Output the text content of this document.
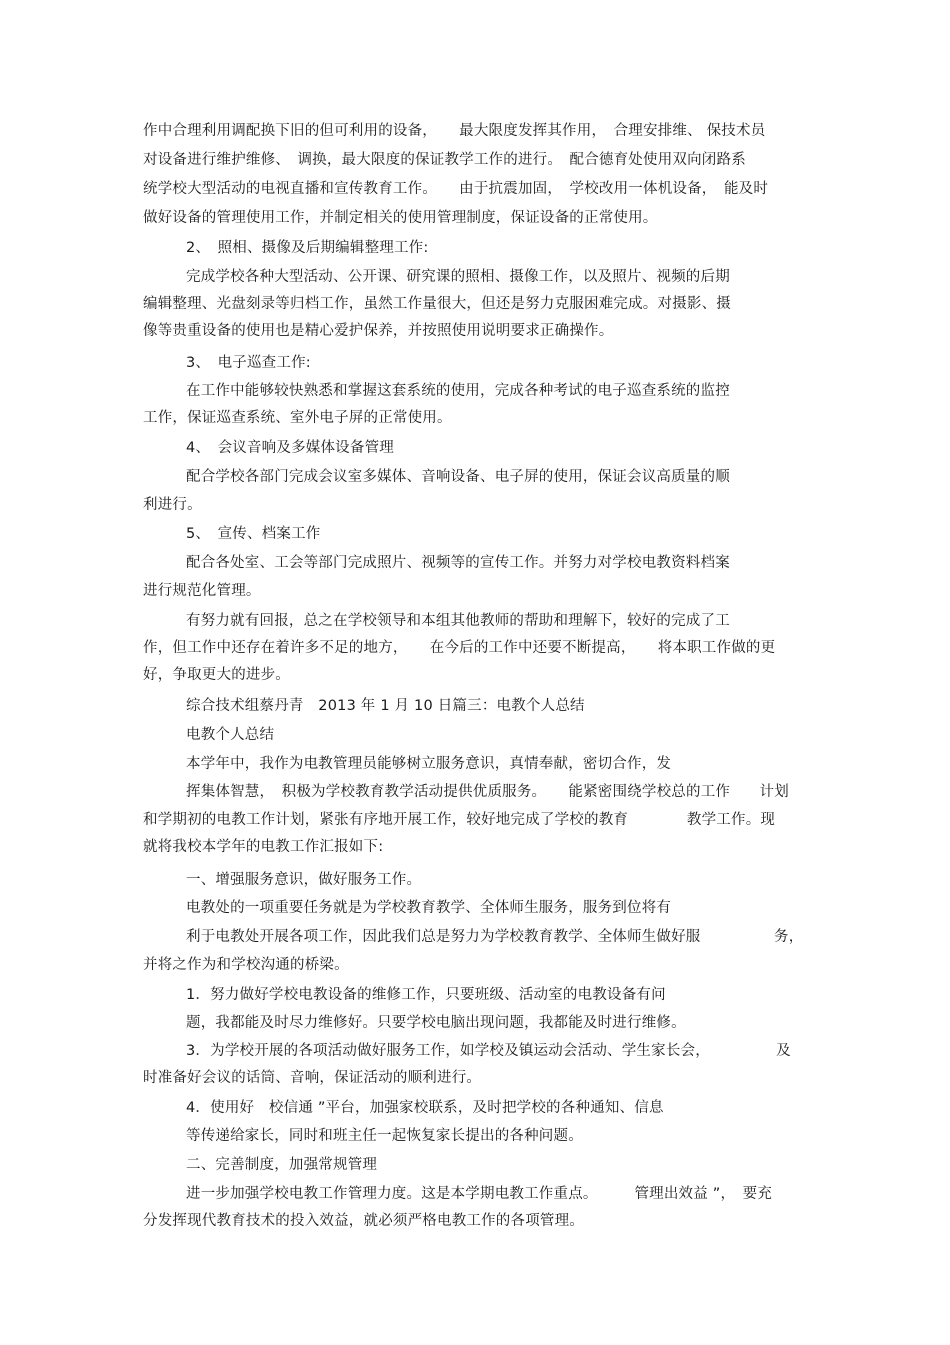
作中合理利用调配换下旧的但可利用的设备，　　最大限度发挥其作用，　合理安排维、 保技术员
对设备进行维护维修、　调换，最大限度的保证教学工作的进行。　配合德育处使用双向闭路系
统学校大型活动的电视直播和宣传教育工作。　　由于抗震加固，　学校改用一体机设备，　能及时
做好设备的管理使用工作，并制定相关的使用管理制度，保证设备的正常使用。
2、　照相、摄像及后期编辑整理工作:
完成学校各种大型活动、公开课、研究课的照相、摄像工作，以及照片、视频的后期
编辑整理、光盘刻录等归档工作，虽然工作量很大，但还是努力克服困难完成。对摄影、摄
像等贵重设备的使用也是精心爱护保养，并按照使用说明要求正确操作。
3、　电子巡查工作:
在工作中能够较快熟悉和掌握这套系统的使用，完成各种考试的电子巡查系统的监控
工作，保证巡查系统、室外电子屏的正常使用。
4、　会议音响及多媒体设备管理
配合学校各部门完成会议室多媒体、音响设备、电子屏的使用，保证会议高质量的顺
利进行。
5、　宣传、档案工作
配合各处室、工会等部门完成照片、视频等的宣传工作。并努力对学校电教资料档案
进行规范化管理。
有努力就有回报，总之在学校领导和本组其他教师的帮助和理解下，较好的完成了工
作，但工作中还存在着许多不足的地方，　　在今后的工作中还要不断提高，　　将本职工作做的更
好，争取更大的进步。
综合技术组蔡丹青　2013 年 1 月 10 日篇三：电教个人总结
电教个人总结
本学年中，我作为电教管理员能够树立服务意识，真情奉献，密切合作，发
挥集体智慧，　积极为学校教育教学活动提供优质服务。　　能紧密围绕学校总的工作　　计划
和学期初的电教工作计划，紧张有序地开展工作，较好地完成了学校的教育　　　　教学工作。现
就将我校本学年的电教工作汇报如下:
一、增强服务意识，做好服务工作。
电教处的一项重要任务就是为学校教育教学、全体师生服务，服务到位将有
利于电教处开展各项工作，因此我们总是努力为学校教育教学、全体师生做好服　　　　　务，
并将之作为和学校沟通的桥梁。
1．努力做好学校电教设备的维修工作，只要班级、活动室的电教设备有问
题，我都能及时尽力维修好。只要学校电脑出现问题，我都能及时进行维修。
3．为学校开展的各项活动做好服务工作，如学校及镇运动会活动、学生家长会，　　　　　及
时准备好会议的话筒、音响，保证活动的顺利进行。
4．使用好　校信通 ”平台，加强家校联系，及时把学校的各种通知、信息
等传递给家长，同时和班主任一起恢复家长提出的各种问题。
二、完善制度，加强常规管理
进一步加强学校电教工作管理力度。这是本学期电教工作重点。　　　管理出效益 ”，　要充
分发挥现代教育技术的投入效益，就必须严格电教工作的各项管理。
